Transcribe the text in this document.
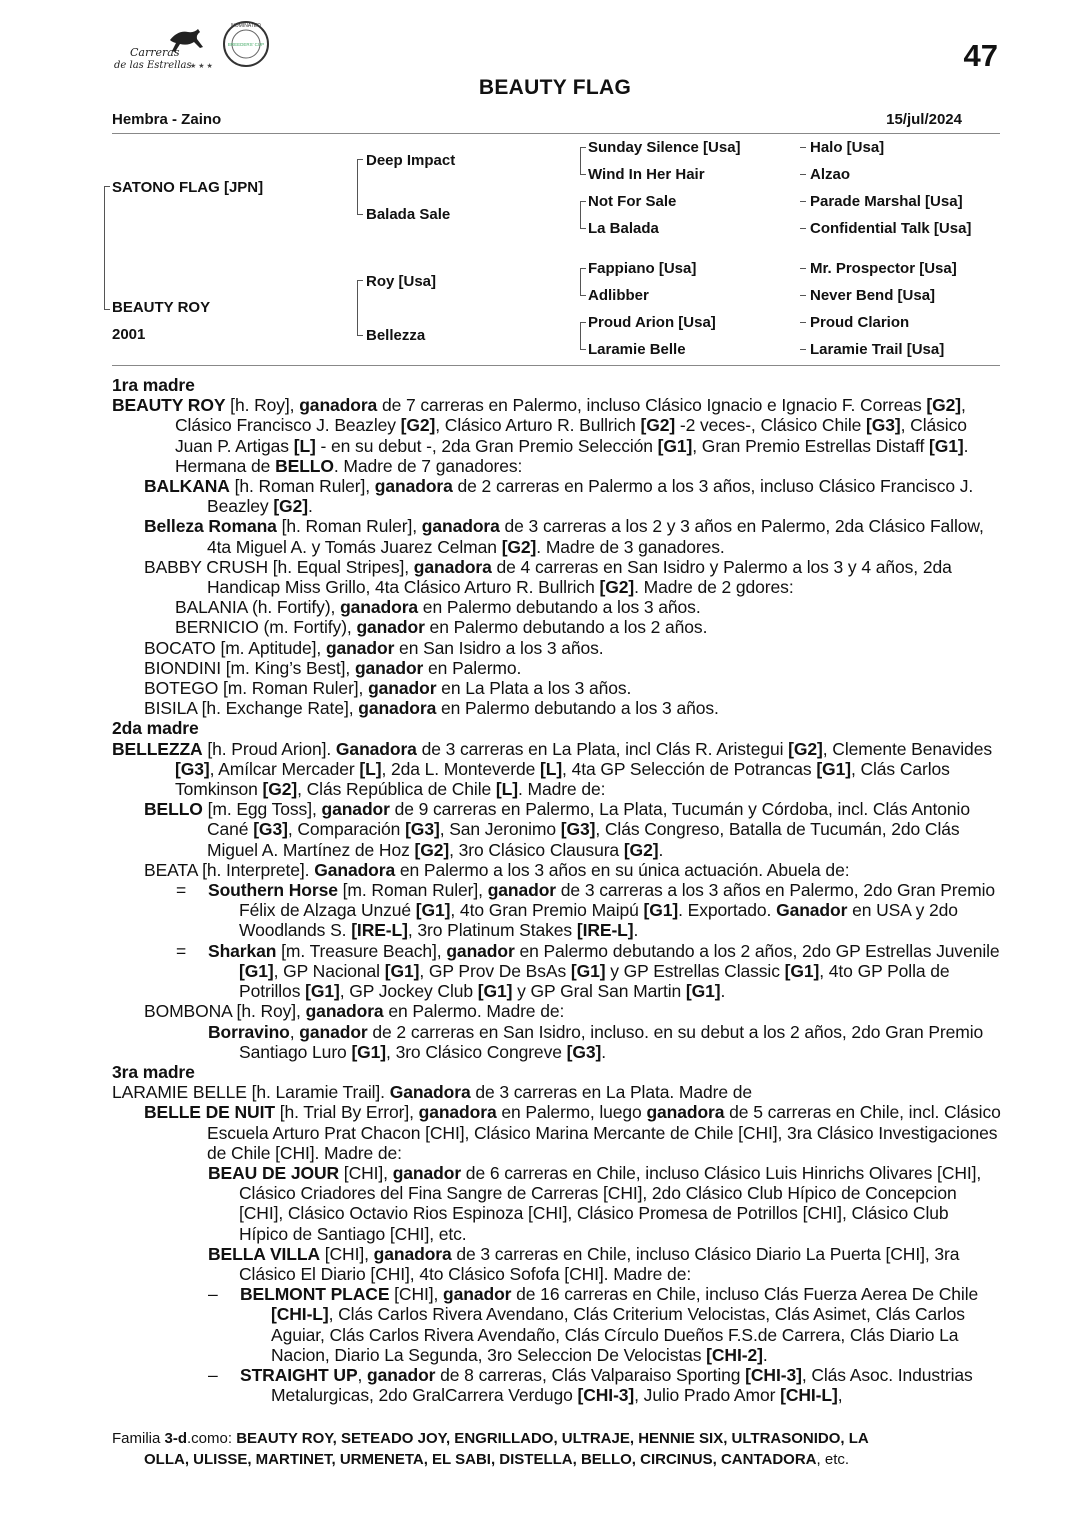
Carreras
de las Estrellas
★ ★ ★
NOMINATED
BREEDERS' CUP	47
BEAUTY FLAG
Hembra - Zaino	15/jul/2024
SATONO FLAG [JPN]
BEAUTY ROY
2001
Deep Impact
Balada Sale
Roy [Usa]
Bellezza
Sunday Silence [Usa]
Wind In Her Hair
Not For Sale
La Balada
Fappiano [Usa]
Adlibber
Proud Arion [Usa]
Laramie Belle
Halo [Usa]
Alzao
Parade Marshal [Usa]
Confidential Talk [Usa]
Mr. Prospector [Usa]
Never Bend [Usa]
Proud Clarion
Laramie Trail [Usa]

1ra madre

BEAUTY ROY [h. Roy], ganadora de 7 carreras en Palermo, incluso Clásico Ignacio e Ignacio F. Correas [G2], Clásico Francisco J. Beazley [G2], Clásico Arturo R. Bullrich [G2] -2 veces-, Clásico Chile [G3], Clásico Juan P. Artigas [L] - en su debut -, 2da Gran Premio Selección [G1], Gran Premio Estrellas Distaff [G1]. Hermana de BELLO. Madre de 7 ganadores:

BALKANA [h. Roman Ruler], ganadora de 2 carreras en Palermo a los 3 años, incluso Clásico Francisco J. Beazley [G2].

Belleza Romana [h. Roman Ruler], ganadora de 3 carreras a los 2 y 3 años en Palermo, 2da Clásico Fallow, 4ta Miguel A. y Tomás Juarez Celman [G2]. Madre de 3 ganadores.

BABBY CRUSH [h. Equal Stripes], ganadora de 4 carreras en San Isidro y Palermo a los 3 y 4 años, 2da Handicap Miss Grillo, 4ta Clásico Arturo R. Bullrich [G2]. Madre de 2 gdores:

BALANIA (h. Fortify), ganadora en Palermo debutando a los 3 años.

BERNICIO (m. Fortify), ganador en Palermo debutando a los 2 años.

BOCATO [m. Aptitude], ganador en San Isidro a los 3 años.

BIONDINI [m. King’s Best], ganador en Palermo.

BOTEGO [m. Roman Ruler], ganador en La Plata a los 3 años.

BISILA [h. Exchange Rate], ganadora en Palermo debutando a los 3 años.

2da madre

BELLEZZA [h. Proud Arion]. Ganadora de 3 carreras en La Plata, incl Clás R. Aristegui [G2], Clemente Benavides [G3], Amílcar Mercader [L], 2da L. Monteverde [L], 4ta GP Selección de Potrancas [G1], Clás Carlos Tomkinson [G2], Clás República de Chile [L]. Madre de:

BELLO [m. Egg Toss], ganador de 9 carreras en Palermo, La Plata, Tucumán y Córdoba, incl. Clás Antonio Cané [G3], Comparación [G3], San Jeronimo [G3], Clás Congreso, Batalla de Tucumán, 2do Clás Miguel A. Martínez de Hoz [G2], 3ro Clásico Clausura [G2].

BEATA [h. Interprete]. Ganadora en Palermo a los 3 años en su única actuación. Abuela de:

= Southern Horse [m. Roman Ruler], ganador de 3 carreras a los 3 años en Palermo, 2do Gran Premio Félix de Alzaga Unzué [G1], 4to Gran Premio Maipú [G1]. Exportado. Ganador en USA y 2do Woodlands S. [IRE-L], 3ro Platinum Stakes [IRE-L].

= Sharkan [m. Treasure Beach], ganador en Palermo debutando a los 2 años, 2do GP Estrellas Juvenile [G1], GP Nacional [G1], GP Prov De BsAs [G1] y GP Estrellas Classic [G1], 4to GP Polla de Potrillos [G1], GP Jockey Club [G1] y GP Gral San Martin [G1].

BOMBONA [h. Roy], ganadora en Palermo. Madre de:

Borravino, ganador de 2 carreras en San Isidro, incluso. en su debut a los 2 años, 2do Gran Premio Santiago Luro [G1], 3ro Clásico Congreve [G3].

3ra madre

LARAMIE BELLE [h. Laramie Trail]. Ganadora de 3 carreras en La Plata. Madre de

BELLE DE NUIT [h. Trial By Error], ganadora en Palermo, luego ganadora de 5 carreras en Chile, incl. Clásico Escuela Arturo Prat Chacon [CHI], Clásico Marina Mercante de Chile [CHI], 3ra Clásico Investigaciones de Chile [CHI]. Madre de:

BEAU DE JOUR [CHI], ganador de 6 carreras en Chile, incluso Clásico Luis Hinrichs Olivares [CHI], Clásico Criadores del Fina Sangre de Carreras [CHI], 2do Clásico Club Hípico de Concepcion [CHI], Clásico Octavio Rios Espinoza [CHI], Clásico Promesa de Potrillos [CHI], Clásico Club Hípico de Santiago [CHI], etc.

BELLA VILLA [CHI], ganadora de 3 carreras en Chile, incluso Clásico Diario La Puerta [CHI], 3ra Clásico El Diario [CHI], 4to Clásico Sofofa [CHI]. Madre de:

– BELMONT PLACE [CHI], ganador de 16 carreras en Chile, incluso Clás Fuerza Aerea De Chile [CHI-L], Clás Carlos Rivera Avendano, Clás Criterium Velocistas, Clás Asimet, Clás Carlos Aguiar, Clás Carlos Rivera Avendaño, Clás Círculo Dueños F.S.de Carrera, Clás Diario La Nacion, Diario La Segunda, 3ro Seleccion De Velocistas [CHI-2].

– STRAIGHT UP, ganador de 8 carreras, Clás Valparaiso Sporting [CHI-3], Clás Asoc. Industrias Metalurgicas, 2do GralCarrera Verdugo [CHI-3], Julio Prado Amor [CHI-L],

Familia 3-d.como: BEAUTY ROY, SETEADO JOY, ENGRILLADO, ULTRAJE, HENNIE SIX, ULTRASONIDO, LA
OLLA, ULISSE, MARTINET, URMENETA, EL SABI, DISTELLA, BELLO, CIRCINUS, CANTADORA, etc.
